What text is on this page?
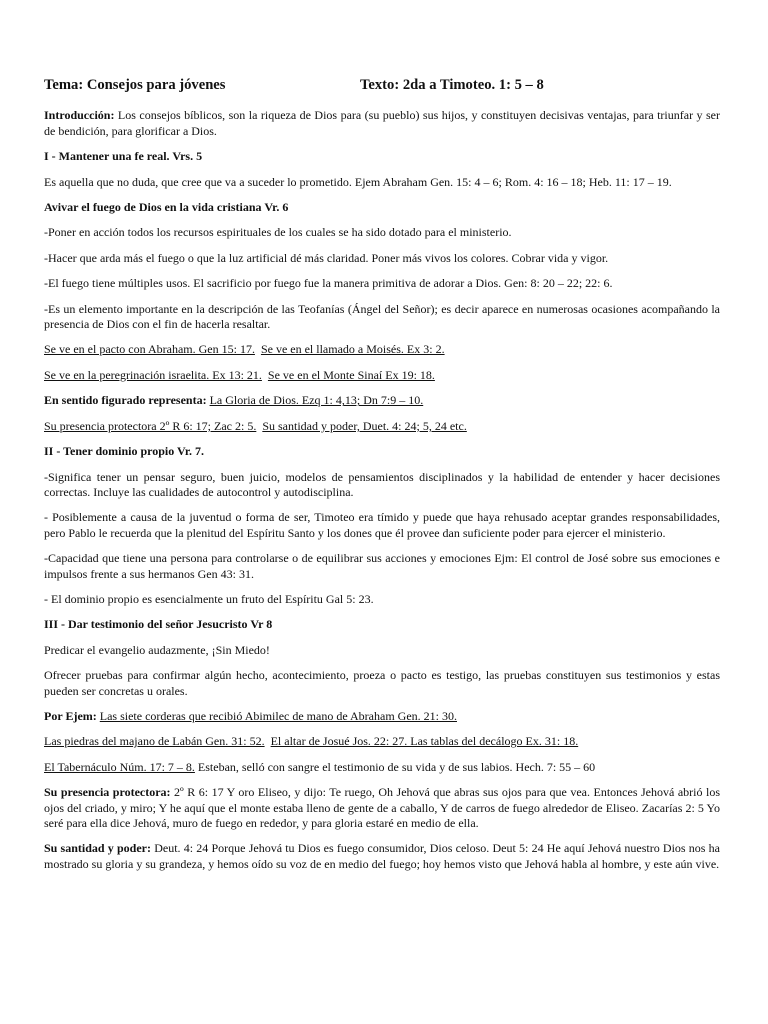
Tema: Consejos para jóvenes	Texto: 2da a Timoteo. 1: 5 – 8

Introducción: Los consejos bíblicos, son la riqueza de Dios para (su pueblo) sus hijos, y constituyen decisivas ventajas, para triunfar y ser de bendición, para glorificar a Dios.

I - Mantener una fe real. Vrs. 5

Es aquella que no duda, que cree que va a suceder lo prometido. Ejem Abraham Gen. 15: 4 – 6; Rom. 4: 16 – 18; Heb. 11: 17 – 19.

Avivar el fuego de Dios en la vida cristiana Vr. 6

-Poner en acción todos los recursos espirituales de los cuales se ha sido dotado para el ministerio.

-Hacer que arda más el fuego o que la luz artificial dé más claridad. Poner más vivos los colores. Cobrar vida y vigor.

-El fuego tiene múltiples usos. El sacrificio por fuego fue la manera primitiva de adorar a Dios. Gen: 8: 20 – 22; 22: 6.

-Es un elemento importante en la descripción de las Teofanías (Ángel del Señor); es decir aparece en numerosas ocasiones acompañando la presencia de Dios con el fin de hacerla resaltar.

Se ve en el pacto con Abraham. Gen 15: 17. Se ve en el llamado a Moisés. Ex 3: 2.

Se ve en la peregrinación israelita. Ex 13: 21. Se ve en el Monte Sinaí Ex 19: 18.

En sentido figurado representa: La Gloria de Dios. Ezq 1: 4,13; Dn 7:9 – 10.

Su presencia protectora 2º R 6: 17; Zac 2: 5. Su santidad y poder, Duet. 4: 24; 5, 24 etc.

II - Tener dominio propio Vr. 7.

-Significa tener un pensar seguro, buen juicio, modelos de pensamientos disciplinados y la habilidad de entender y hacer decisiones correctas. Incluye las cualidades de autocontrol y autodisciplina.

- Posiblemente a causa de la juventud o forma de ser, Timoteo era tímido y puede que haya rehusado aceptar grandes responsabilidades, pero Pablo le recuerda que la plenitud del Espíritu Santo y los dones que él provee dan suficiente poder para ejercer el ministerio.

-Capacidad que tiene una persona para controlarse o de equilibrar sus acciones y emociones Ejm: El control de José sobre sus emociones e impulsos frente a sus hermanos Gen 43: 31.

- El dominio propio es esencialmente un fruto del Espíritu Gal 5: 23.

III - Dar testimonio del señor Jesucristo Vr 8

Predicar el evangelio audazmente, ¡Sin Miedo!

Ofrecer pruebas para confirmar algún hecho, acontecimiento, proeza o pacto es testigo, las pruebas constituyen sus testimonios y estas pueden ser concretas u orales.

Por Ejem: Las siete corderas que recibió Abimilec de mano de Abraham Gen. 21: 30.

Las piedras del majano de Labán Gen. 31: 52. El altar de Josué Jos. 22: 27. Las tablas del decálogo Ex. 31: 18.

El Tabernáculo Núm. 17: 7 – 8. Esteban, selló con sangre el testimonio de su vida y de sus labios. Hech. 7: 55 – 60

Su presencia protectora: 2º R 6: 17 Y oro Eliseo, y dijo: Te ruego, Oh Jehová que abras sus ojos para que vea. Entonces Jehová abrió los ojos del criado, y miro; Y he aquí que el monte estaba lleno de gente de a caballo, Y de carros de fuego alrededor de Eliseo. Zacarías 2: 5 Yo seré para ella dice Jehová, muro de fuego en rededor, y para gloria estaré en medio de ella.

Su santidad y poder: Deut. 4: 24 Porque Jehová tu Dios es fuego consumidor, Dios celoso. Deut 5: 24 He aquí Jehová nuestro Dios nos ha mostrado su gloria y su grandeza, y hemos oído su voz de en medio del fuego; hoy hemos visto que Jehová habla al hombre, y este aún vive.
